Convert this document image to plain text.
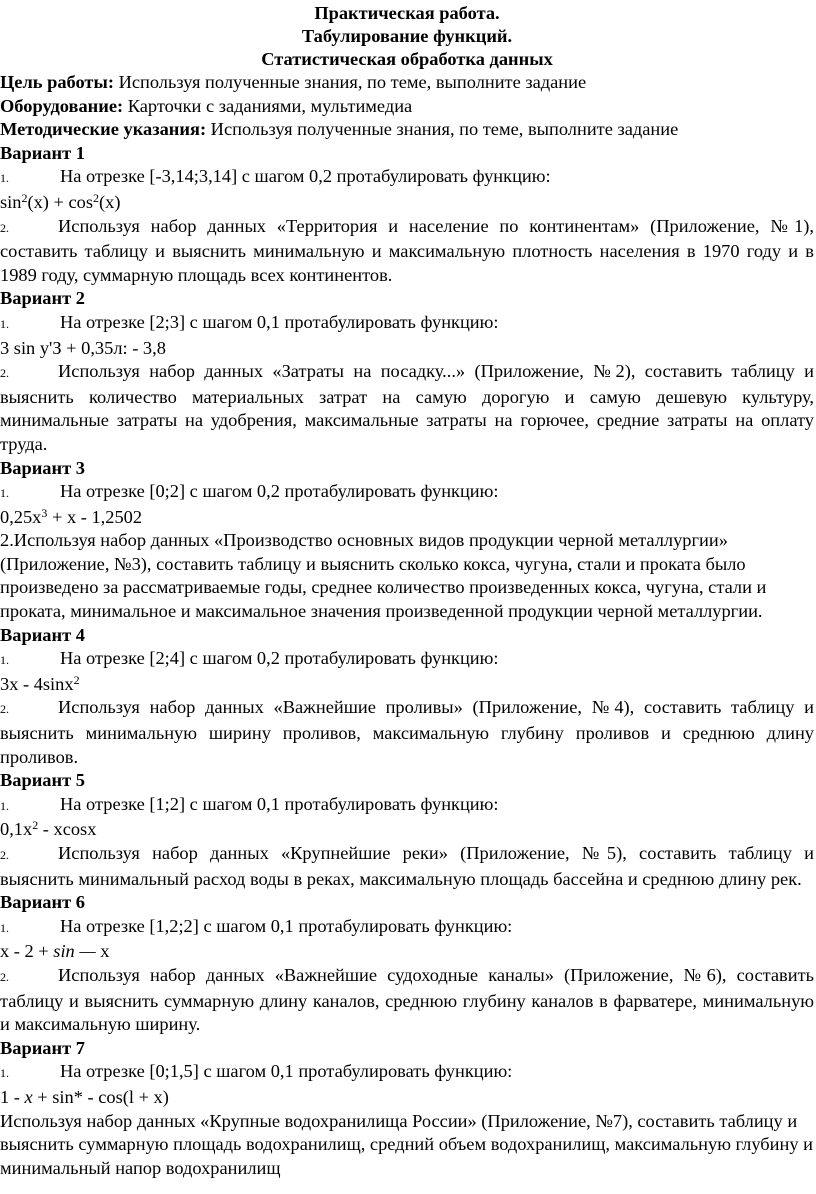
Практическая работа.

Табулирование функций.

Статистическая обработка данных

Цель работы: Используя полученные знания, по теме, выполните задание

Оборудование: Карточки с заданиями, мультимедиа

Методические указания: Используя полученные знания, по теме, выполните задание

Вариант 1

1.	На отрезке [-3,14;3,14] с шагом 0,2 протабулировать функцию:

$\sin^2(x) + \cos^2(x)$

2.	Используя набор данных «Территория и население по континентам» (Приложение, №1), составить таблицу и выяснить минимальную и максимальную плотность населения в 1970 году и в 1989 году, суммарную площадь всех континентов.

Вариант 2

1.	На отрезке [2;3] с шагом 0,1 протабулировать функцию:

3 sin у'З + 0,35л: - 3,8

2.	Используя набор данных «Затраты на посадку...» (Приложение, №2), составить таблицу и выяснить количество материальных затрат на самую дорогую и самую дешевую культуру, минимальные затраты на удобрения, максимальные затраты на горючее, средние затраты на оплату труда.

Вариант 3

1.	На отрезке [0;2] с шагом 0,2 протабулировать функцию:

$0,25x^3 + x - 1,2502$

2.Используя набор данных «Производство основных видов продукции черной металлургии» (Приложение, №3), составить таблицу и выяснить сколько кокса, чугуна, стали и проката было произведено за рассматриваемые годы, среднее количество произведенных кокса, чугуна, стали и проката, минимальное и максимальное значения произведенной продукции черной металлургии.

Вариант 4

1.	На отрезке [2;4] с шагом 0,2 протабулировать функцию:

3x - 4sinx$^2$

2.	Используя набор данных «Важнейшие проливы» (Приложение, №4), составить таблицу и выяснить минимальную ширину проливов, максимальную глубину проливов и среднюю длину проливов.

Вариант 5

1.	На отрезке [1;2] с шагом 0,1 протабулировать функцию:

$0,1x^2$ - xcosx

2.	Используя набор данных «Крупнейшие реки» (Приложение, №5), составить таблицу и выяснить минимальный расход воды в реках, максимальную площадь бассейна и среднюю длину рек.

Вариант 6

1.	На отрезке [1,2;2] с шагом 0,1 протабулировать функцию:

x - 2 + sin — x

2.	Используя набор данных «Важнейшие судоходные каналы» (Приложение, №6), составить таблицу и выяснить суммарную длину каналов, среднюю глубину каналов в фарватере, минимальную и максимальную ширину.

Вариант 7

1.	На отрезке [0;1,5] с шагом 0,1 протабулировать функцию:

1 - x + sin* - cos(l + x)

Используя набор данных «Крупные водохранилища России» (Приложение, №7), составить таблицу и выяснить суммарную площадь водохранилищ, средний объем водохранилищ, максимальную глубину и минимальный напор водохранилищ
